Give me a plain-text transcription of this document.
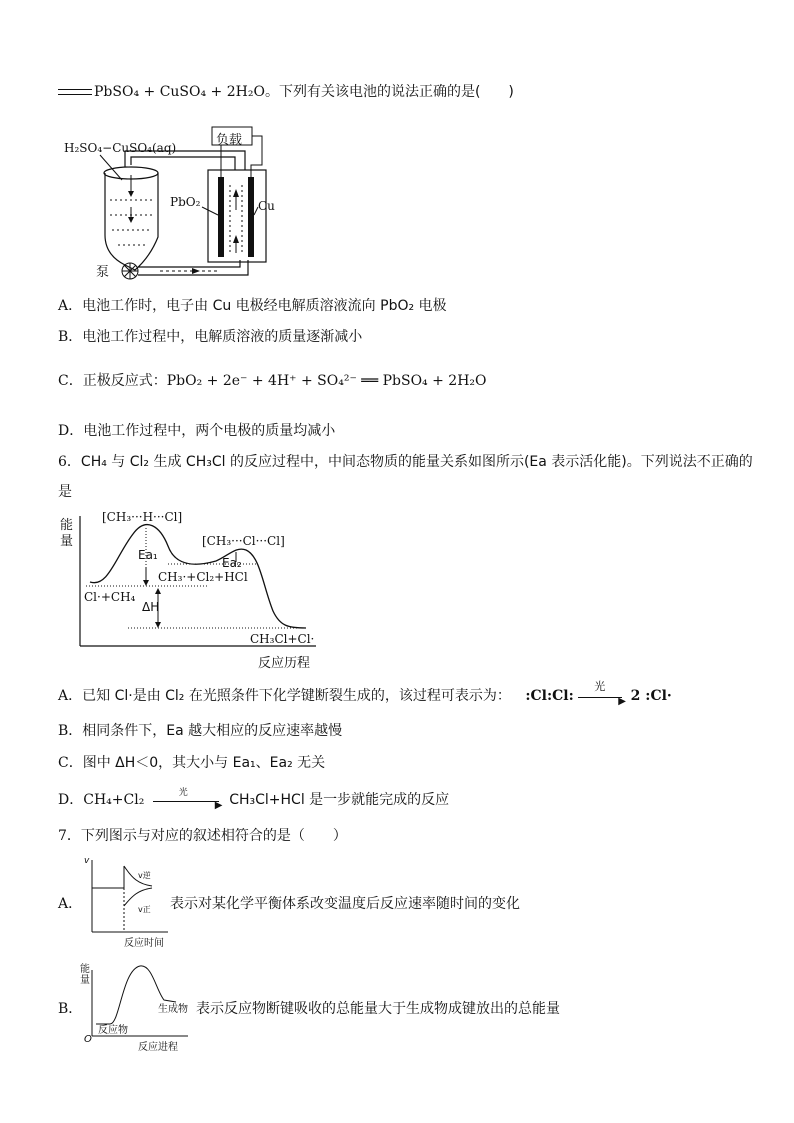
PbSO₄ + CuSO₄ + 2H₂O。下列有关该电池的说法正确的是(　　)
H₂SO₄−CuSO₄(aq)	负载
PbO₂	Cu
泵
A．电池工作时，电子由 Cu 电极经电解质溶液流向 PbO₂ 电极
B．电池工作过程中，电解质溶液的质量逐渐减小
C．正极反应式：PbO₂ + 2e⁻ + 4H⁺ + SO₄²⁻ ══ PbSO₄ + 2H₂O
D．电池工作过程中，两个电极的质量均减小
6．CH₄ 与 Cl₂ 生成 CH₃Cl 的反应过程中，中间态物质的能量关系如图所示(Ea 表示活化能)。下列说法不正确的
是
能量
反应历程
[CH₃···H···Cl]
[CH₃···Cl···Cl]
Ea₁
Ea₂
CH₃·+Cl₂+HCl
Cl·+CH₄
ΔH
CH₃Cl+Cl·
A．已知 Cl·是由 Cl₂ 在光照条件下化学键断裂生成的，该过程可表示为： :Cl:Cl:
光
▶ 2 :Cl·
B．相同条件下，Ea 越大相应的反应速率越慢
C．图中 ΔH＜0，其大小与 Ea₁、Ea₂ 无关
D．CH₄+Cl₂	光
▶ CH₃Cl+HCl 是一步就能完成的反应
7．下列图示与对应的叙述相符合的是（　　）
A．
v
v逆
v正
反应时间
表示对某化学平衡体系改变温度后反应速率随时间的变化
B．
能量
O
反应物
生成物
反应进程
表示反应物断键吸收的总能量大于生成物成键放出的总能量
